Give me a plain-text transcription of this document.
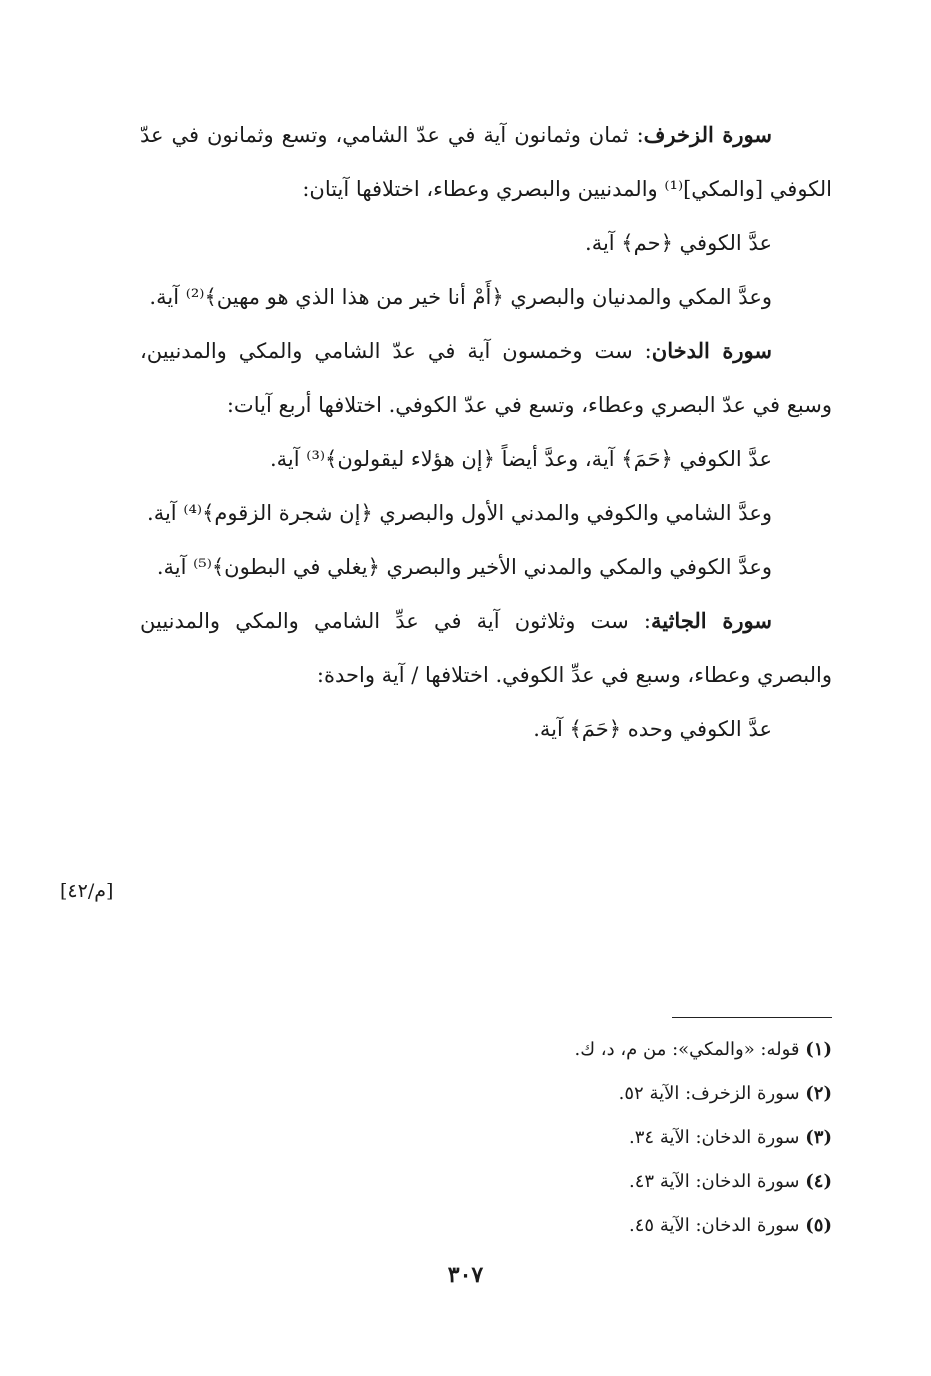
سورة الزخرف: ثمان وثمانون آية في عدّ الشامي، وتسع وثمانون في عدّ الكوفي [والمكي]⁽¹⁾ والمدنيين والبصري وعطاء، اختلافها آيتان:

عدَّ الكوفي ﴿حم﴾ آية.

وعدَّ المكي والمدنيان والبصري ﴿أَمْ أنا خير من هذا الذي هو مهين﴾⁽²⁾ آية.

سورة الدخان: ست وخمسون آية في عدّ الشامي والمكي والمدنيين، وسبع في عدّ البصري وعطاء، وتسع في عدّ الكوفي. اختلافها أربع آيات:

عدَّ الكوفي ﴿حَمَ﴾ آية، وعدَّ أيضاً ﴿إن هؤلاء ليقولون﴾⁽³⁾ آية.

وعدَّ الشامي والكوفي والمدني الأول والبصري ﴿إن شجرة الزقوم﴾⁽⁴⁾ آية.

وعدَّ الكوفي والمكي والمدني الأخير والبصري ﴿يغلي في البطون﴾⁽⁵⁾ آية.

سورة الجاثية: ست وثلاثون آية في عدِّ الشامي والمكي والمدنيين والبصري وعطاء، وسبع في عدِّ الكوفي. اختلافها / آية واحدة:

عدَّ الكوفي وحده ﴿حَمَ﴾ آية.

[م/٤٢]
(١) قوله: «والمكي»: من م، د، ك.
(٢) سورة الزخرف: الآية ٥٢.
(٣) سورة الدخان: الآية ٣٤.
(٤) سورة الدخان: الآية ٤٣.
(٥) سورة الدخان: الآية ٤٥.
٣٠٧
